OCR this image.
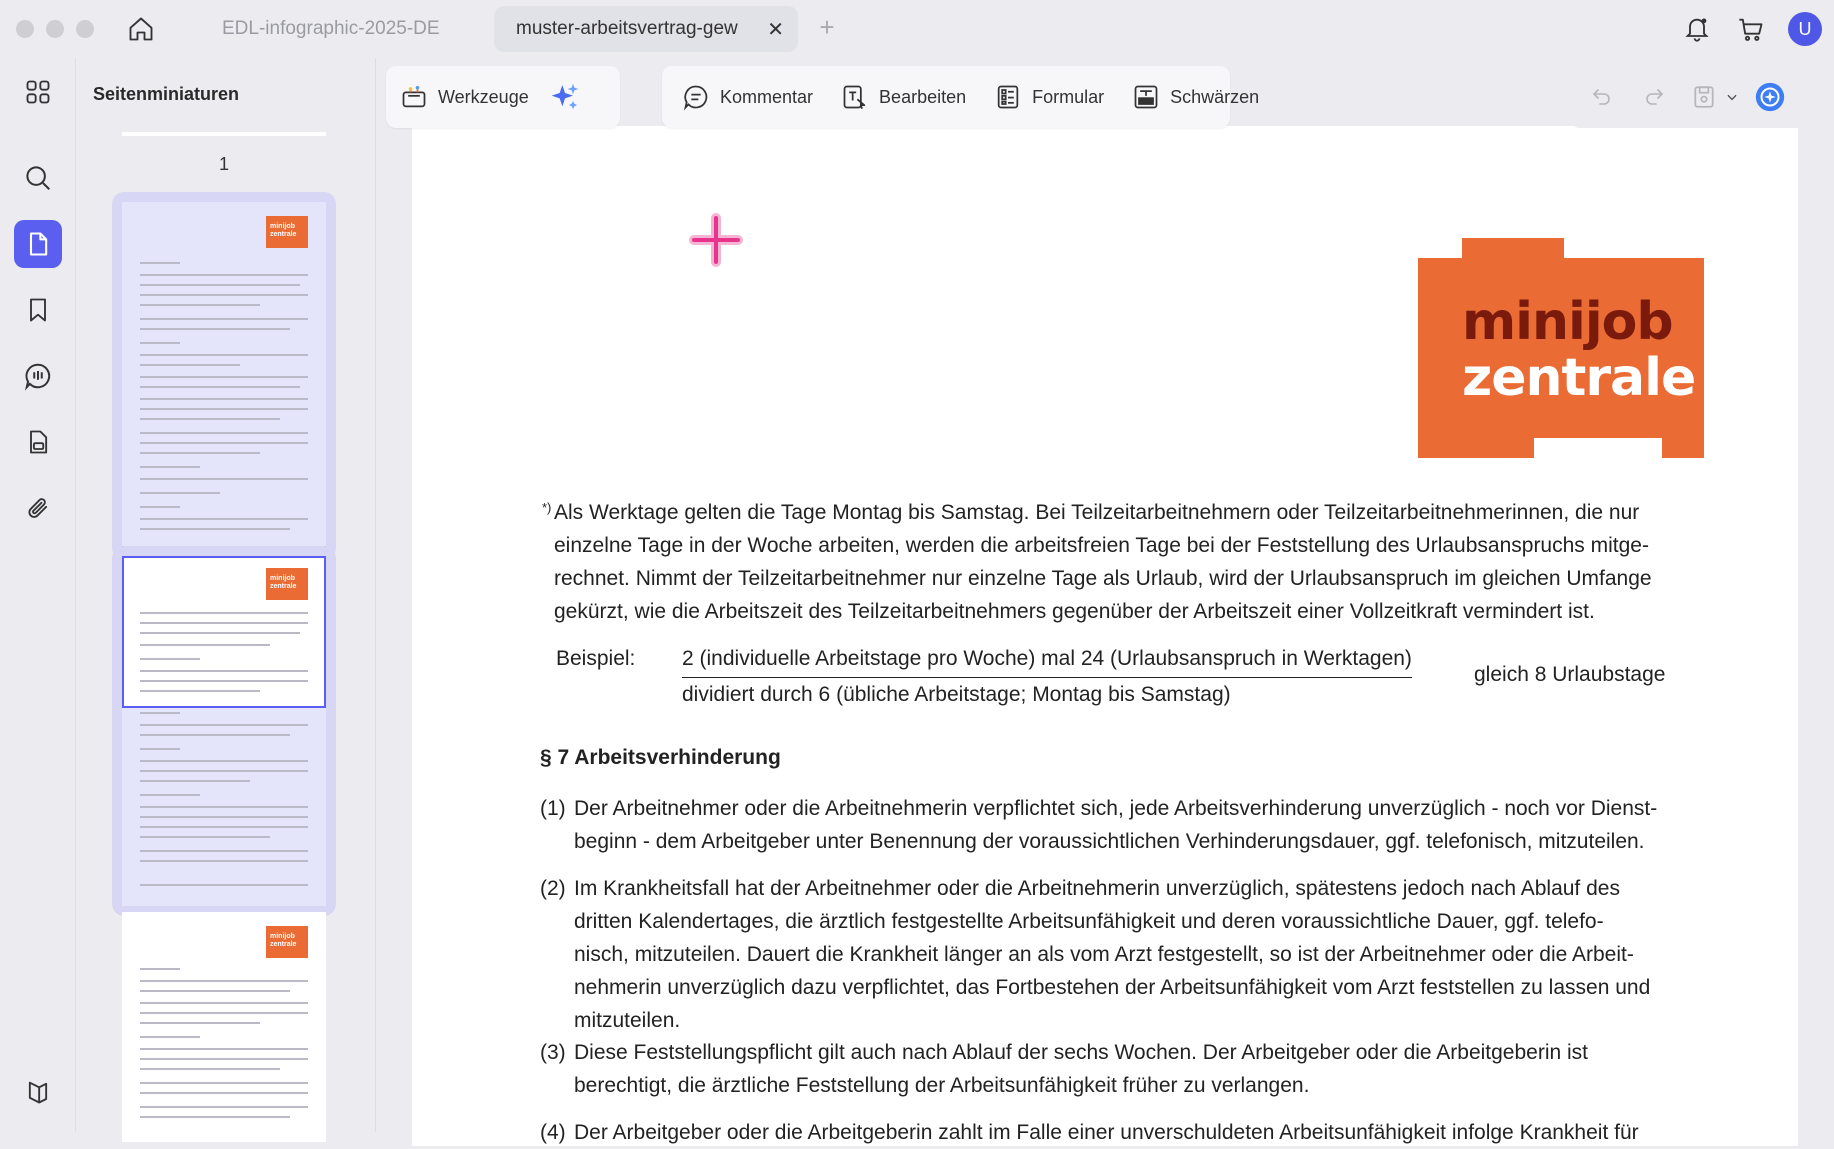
EDL-infographic-2025-DE	muster-arbeitsvertrag-gew	✕ +	U
Seitenminiaturen
1
minijob zentrale
minijob zentrale
minijob zentrale
minijob
zentrale
*) Als Werktage gelten die Tage Montag bis Samstag. Bei Teilzeitarbeitnehmern oder Teilzeitarbeitnehmerinnen, die nur
einzelne Tage in der Woche arbeiten, werden die arbeitsfreien Tage bei der Feststellung des Urlaubsanspruchs mitge-
rechnet. Nimmt der Teilzeitarbeitnehmer nur einzelne Tage als Urlaub, wird der Urlaubsanspruch im gleichen Umfange
gekürzt, wie die Arbeitszeit des Teilzeitarbeitnehmers gegenüber der Arbeitszeit einer Vollzeitkraft vermindert ist.
Beispiel: 2 (individuelle Arbeitstage pro Woche) mal 24 (Urlaubsanspruch in Werktagen)
dividiert durch 6 (übliche Arbeitstage; Montag bis Samstag)
gleich 8 Urlaubstage
§ 7 Arbeitsverhinderung
(1) Der Arbeitnehmer oder die Arbeitnehmerin verpflichtet sich, jede Arbeitsverhinderung unverzüglich - noch vor Dienst-
beginn - dem Arbeitgeber unter Benennung der voraussichtlichen Verhinderungsdauer, ggf. telefonisch, mitzuteilen.
(2) Im Krankheitsfall hat der Arbeitnehmer oder die Arbeitnehmerin unverzüglich, spätestens jedoch nach Ablauf des
dritten Kalendertages, die ärztlich festgestellte Arbeitsunfähigkeit und deren voraussichtliche Dauer, ggf. telefo-
nisch, mitzuteilen. Dauert die Krankheit länger an als vom Arzt festgestellt, so ist der Arbeitnehmer oder die Arbeit-
nehmerin unverzüglich dazu verpflichtet, das Fortbestehen der Arbeitsunfähigkeit vom Arzt feststellen zu lassen und
mitzuteilen.
(3) Diese Feststellungspflicht gilt auch nach Ablauf der sechs Wochen. Der Arbeitgeber oder die Arbeitgeberin ist
berechtigt, die ärztliche Feststellung der Arbeitsunfähigkeit früher zu verlangen.
(4) Der Arbeitgeber oder die Arbeitgeberin zahlt im Falle einer unverschuldeten Arbeitsunfähigkeit infolge Krankheit für
Werkzeuge	Kommentar	Bearbeiten	Formular	Schwärzen
